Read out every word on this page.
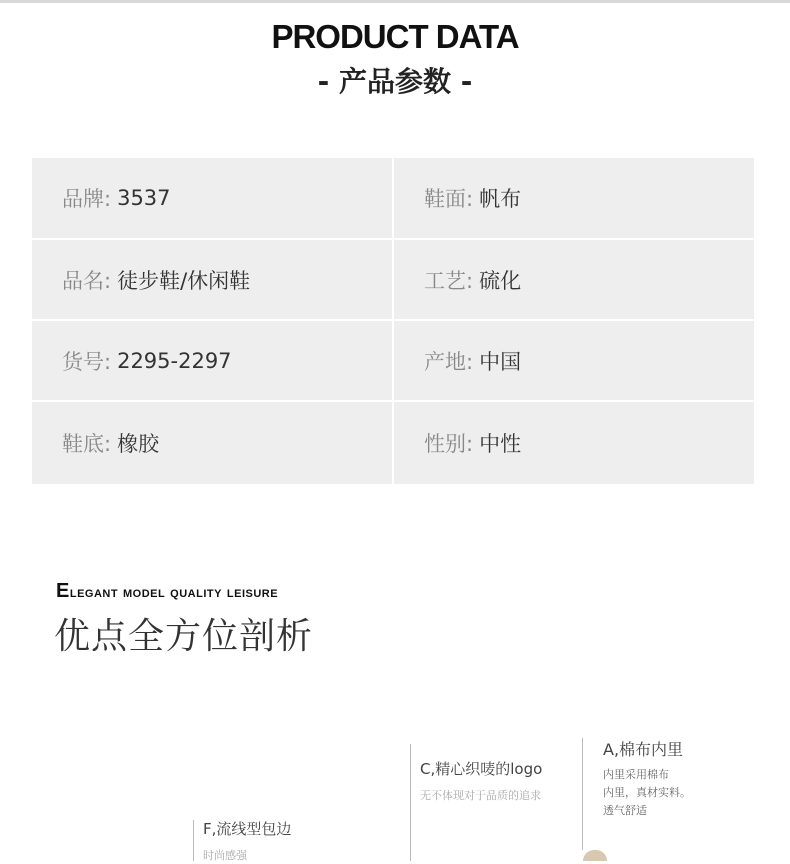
PRODUCT DATA
- 产品参数 -
品牌: 3537	鞋面: 帆布
品名: 徒步鞋/休闲鞋	工艺: 硫化
货号: 2295-2297	产地: 中国
鞋底: 橡胶	性别: 中性
Elegant model quality leisure
优点全方位剖析
F,流线型包边
时尚感强
C,精心织唛的logo
无不体现对于品质的追求
A,棉布内里
内里采用棉布
内里，真材实料。
透气舒适
